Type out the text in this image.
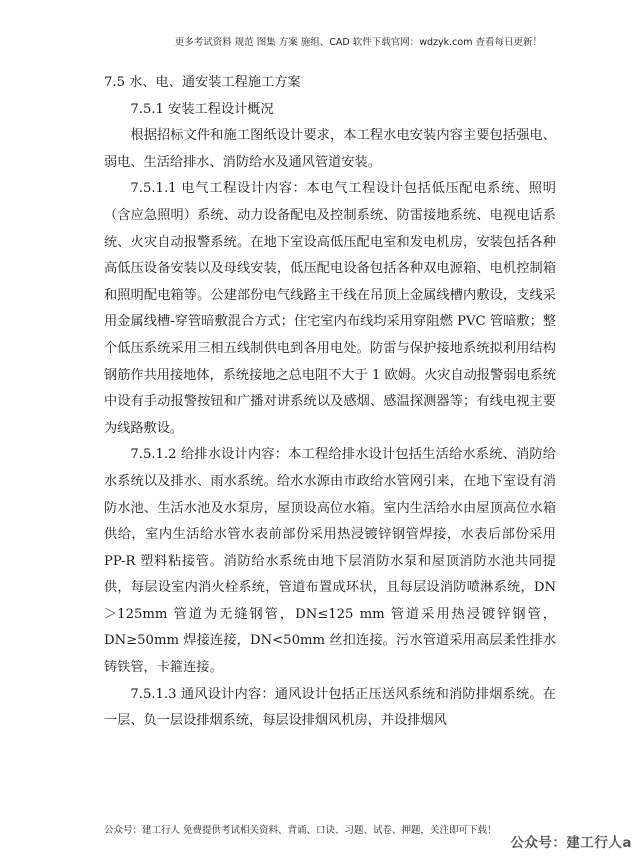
更多考试资料 规范 图集 方案 施组、CAD 软件下载官网：wdzyk.com 查看每日更新！

7.5 水、电、通安装工程施工方案

7.5.1 安装工程设计概况

根据招标文件和施工图纸设计要求，本工程水电安装内容主要包括强电、弱电、生活给排水、消防给水及通风管道安装。

7.5.1.1 电气工程设计内容：本电气工程设计包括低压配电系统、照明（含应急照明）系统、动力设备配电及控制系统、防雷接地系统、电视电话系统、火灾自动报警系统。在地下室设高低压配电室和发电机房，安装包括各种高低压设备安装以及母线安装，低压配电设备包括各种双电源箱、电机控制箱和照明配电箱等。公建部份电气线路主干线在吊顶上金属线槽内敷设，支线采用金属线槽-穿管暗敷混合方式；住宅室内布线均采用穿阻燃 PVC 管暗敷；整个低压系统采用三相五线制供电到各用电处。防雷与保护接地系统拟利用结构钢筋作共用接地体，系统接地之总电阻不大于 1 欧姆。火灾自动报警弱电系统中设有手动报警按钮和广播对讲系统以及感烟、感温探测器等；有线电视主要为线路敷设。

7.5.1.2 给排水设计内容：本工程给排水设计包括生活给水系统、消防给水系统以及排水、雨水系统。给水水源由市政给水管网引来，在地下室设有消防水池、生活水池及水泵房，屋顶设高位水箱。室内生活给水由屋顶高位水箱供给，室内生活给水管水表前部份采用热浸镀锌钢管焊接，水表后部份采用 PP-R 塑料粘接管。消防给水系统由地下层消防水泵和屋顶消防水池共同提供，每层设室内消火栓系统，管道布置成环状，且每层设消防喷淋系统，DN＞125mm 管道为无缝钢管，DN≤125 mm 管道采用热浸镀锌钢管，DN≥50mm 焊接连接，DN<50mm 丝扣连接。污水管道采用高层柔性排水铸铁管，卡箍连接。

7.5.1.3 通风设计内容：通风设计包括正压送风系统和消防排烟系统。在一层、负一层设排烟系统，每层设排烟风机房，并设排烟风

公众号：建工行人 免费提供考试相关资料、背诵、口诀、习题、试卷、押题，关注即可下载！
公众号：建工行人a
